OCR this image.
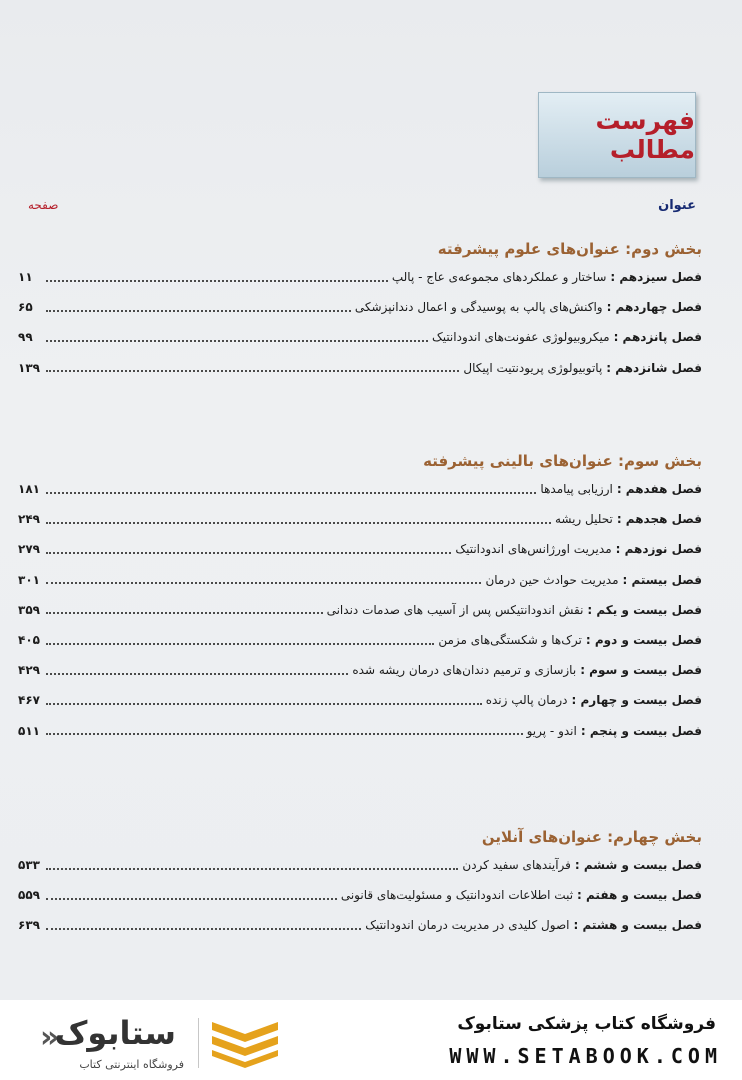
فهرست مطالب
عنوان
صفحه
بخش دوم: عنوان‌های علوم پیشرفته
فصل سیزدهم :
ساختار و عملکردهای مجموعه‌ی عاج - پالپ
۱۱
فصل چهاردهم :
واکنش‌های پالپ به پوسیدگی و اعمال دندانپزشکی
۶۵
فصل پانزدهم :
میکروبیولوژی عفونت‌های اندودانتیک
۹۹
فصل شانزدهم :
پاتوبیولوژی پریودنتیت اپیکال
۱۳۹
بخش سوم: عنوان‌های بالینی پیشرفته
فصل هفدهم :
ارزیابی پیامدها
۱۸۱
فصل هجدهم :
تحلیل ریشه
۲۴۹
فصل نوزدهم :
مدیریت اورژانس‌های اندودانتیک
۲۷۹
فصل بیستم :
مدیریت حوادث حین درمان
۳۰۱
فصل بیست و یکم :
نقش اندودانتیکس پس از آسیب های صدمات دندانی
۳۵۹
فصل بیست و دوم :
ترک‌ها و شکستگی‌های مزمن
۴۰۵
فصل بیست و سوم :
بازسازی و ترمیم دندان‌های درمان ریشه شده
۴۲۹
فصل بیست و چهارم :
درمان پالپ زنده
۴۶۷
فصل بیست و پنجم :
اندو - پریو
۵۱۱
بخش چهارم: عنوان‌های آنلاین
فصل بیست و ششم :
فرآیندهای سفید کردن
۵۳۳
فصل بیست و هفتم :
ثبت اطلاعات اندودانتیک و مسئولیت‌های قانونی
۵۵۹
فصل بیست و هشتم :
اصول کلیدی در مدیریت درمان اندودانتیک
۶۳۹
«
ستابوک
فروشگاه اینترنتی کتاب
فروشگاه کتاب پزشکی ستابوک
WWW.SETABOOK.COM
